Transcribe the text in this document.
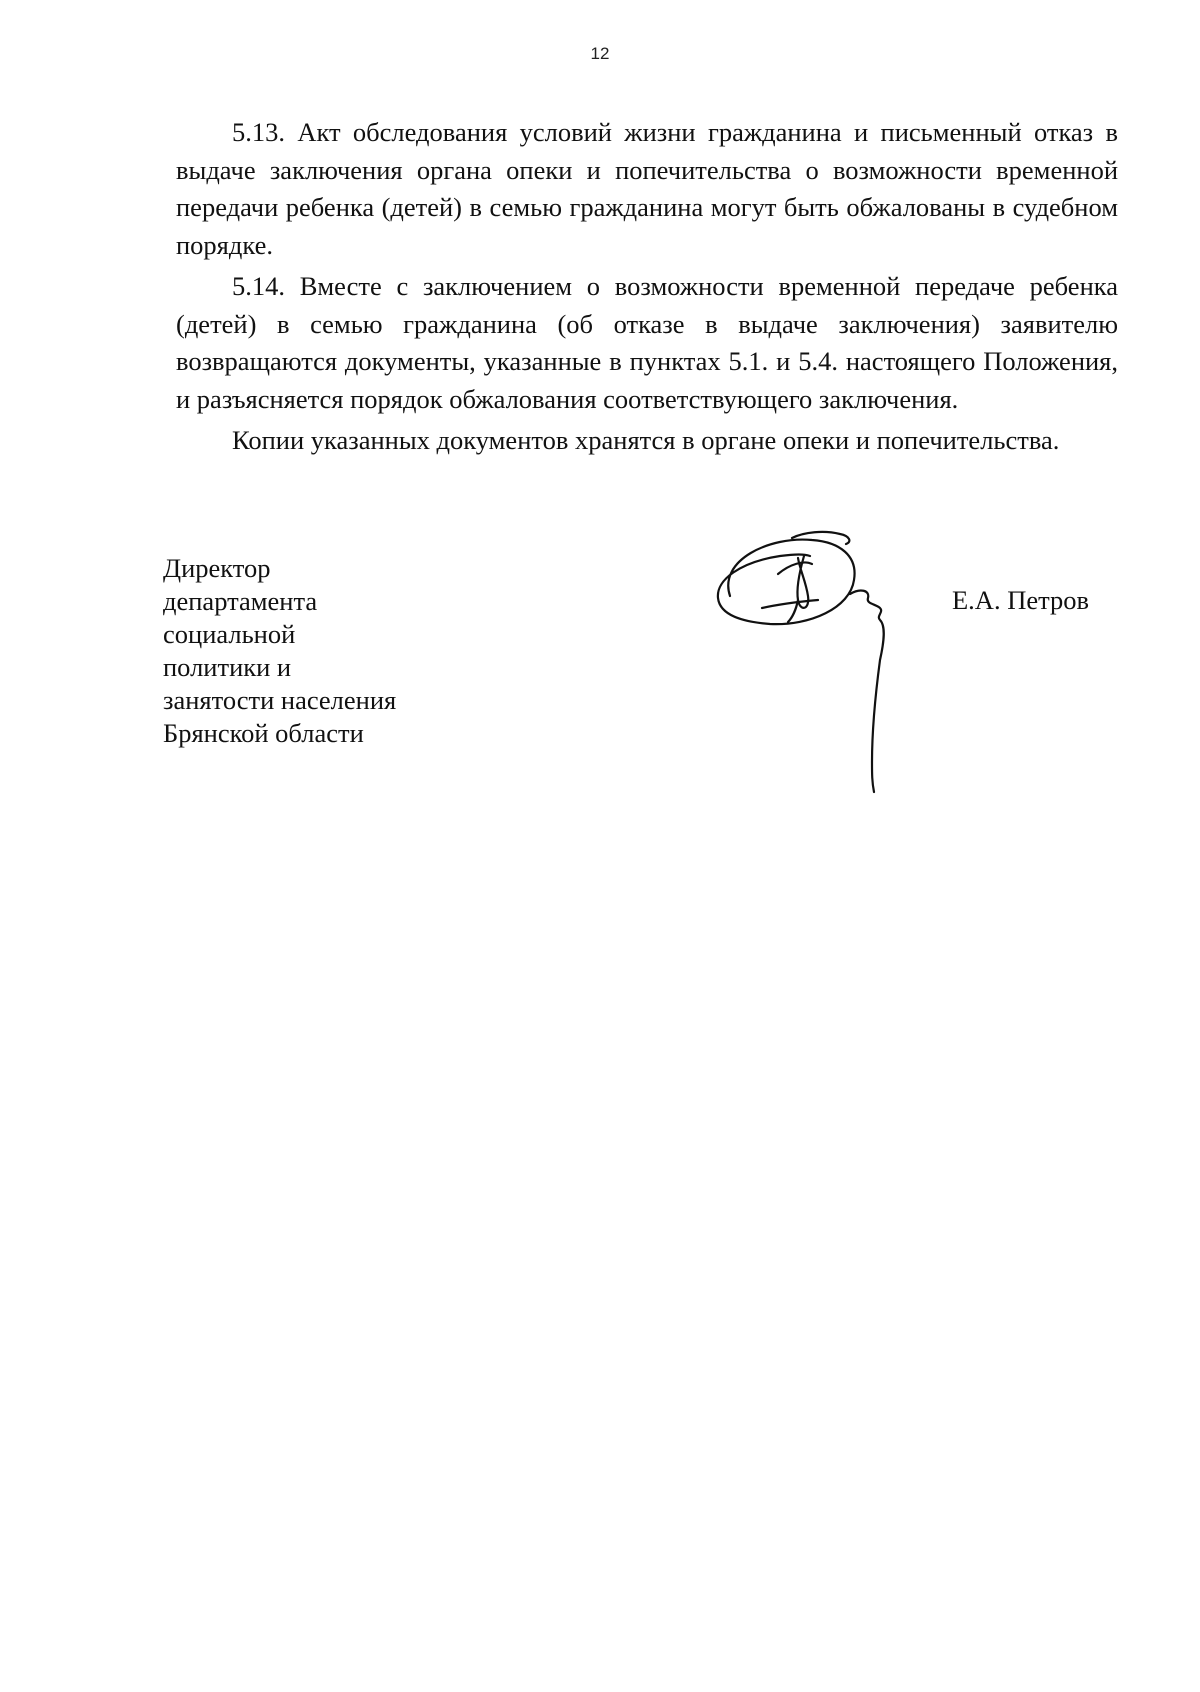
12

5.13. Акт обследования условий жизни гражданина и письменный отказ в выдаче заключения органа опеки и попечительства о возможности временной передачи ребенка (детей) в семью гражданина могут быть обжалованы в судебном порядке.

5.14. Вместе с заключением о возможности временной передаче ребенка (детей) в семью гражданина (об отказе в выдаче заключения) заявителю возвращаются документы, указанные в пунктах 5.1. и 5.4. настоящего Положения, и разъясняется порядок обжалования соответствующего заключения.

Копии указанных документов хранятся в органе опеки и попечительства.

Директор
департамента
социальной
политики и
занятости населения
Брянской области
Е.А. Петров
